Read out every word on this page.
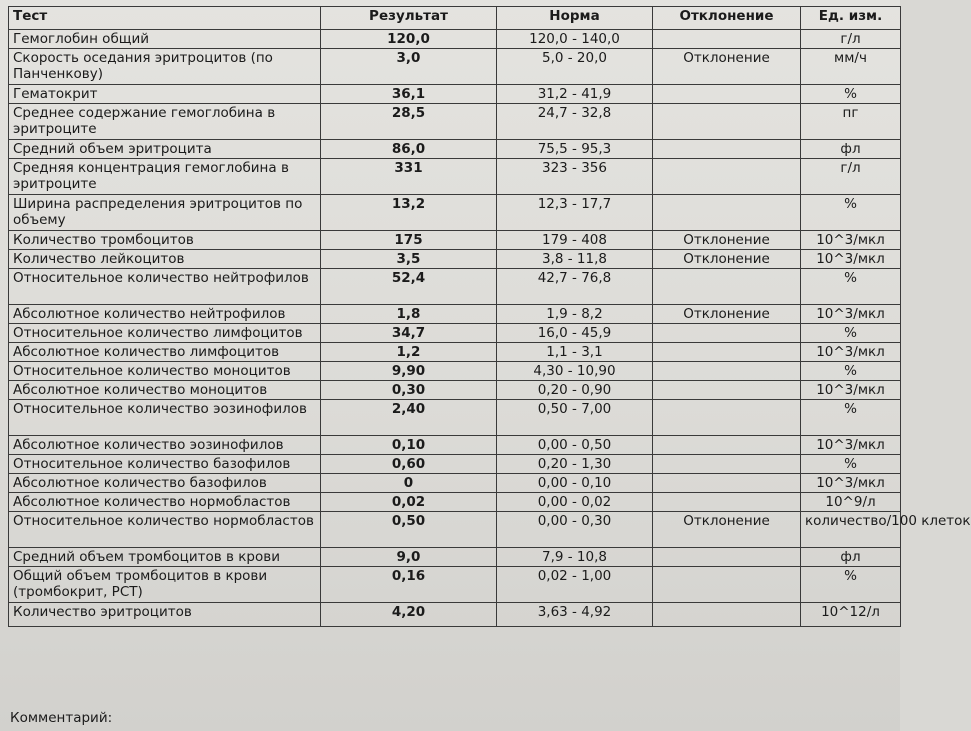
Тест	Результат	Норма	Отклонение	Ед. изм.
Гемоглобин общий	120,0	120,0 - 140,0		г/л
Скорость оседания эритроцитов (по Панченкову)	3,0	5,0 - 20,0	Отклонение	мм/ч
Гематокрит	36,1	31,2 - 41,9		%
Среднее содержание гемоглобина в эритроците	28,5	24,7 - 32,8		пг
Средний объем эритроцита	86,0	75,5 - 95,3		фл
Средняя концентрация гемоглобина в эритроците	331	323 - 356		г/л
Ширина распределения эритроцитов по объему	13,2	12,3 - 17,7		%
Количество тромбоцитов	175	179 - 408	Отклонение	10^3/мкл
Количество лейкоцитов	3,5	3,8 - 11,8	Отклонение	10^3/мкл
Относительное количество нейтрофилов	52,4	42,7 - 76,8		%
Абсолютное количество нейтрофилов	1,8	1,9 - 8,2	Отклонение	10^3/мкл
Относительное количество лимфоцитов	34,7	16,0 - 45,9		%
Абсолютное количество лимфоцитов	1,2	1,1 - 3,1		10^3/мкл
Относительное количество моноцитов	9,90	4,30 - 10,90		%
Абсолютное количество моноцитов	0,30	0,20 - 0,90		10^3/мкл
Относительное количество эозинофилов	2,40	0,50 - 7,00		%
Абсолютное количество эозинофилов	0,10	0,00 - 0,50		10^3/мкл
Относительное количество базофилов	0,60	0,20 - 1,30		%
Абсолютное количество базофилов	0	0,00 - 0,10		10^3/мкл
Абсолютное количество нормобластов	0,02	0,00 - 0,02		10^9/л
Относительное количество нормобластов	0,50	0,00 - 0,30	Отклонение	количество/100 клеток
Средний объем тромбоцитов в крови	9,0	7,9 - 10,8		фл
Общий объем тромбоцитов в крови (тромбокрит, PCT)	0,16	0,02 - 1,00		%
Количество эритроцитов	4,20	3,63 - 4,92		10^12/л
Комментарий:
